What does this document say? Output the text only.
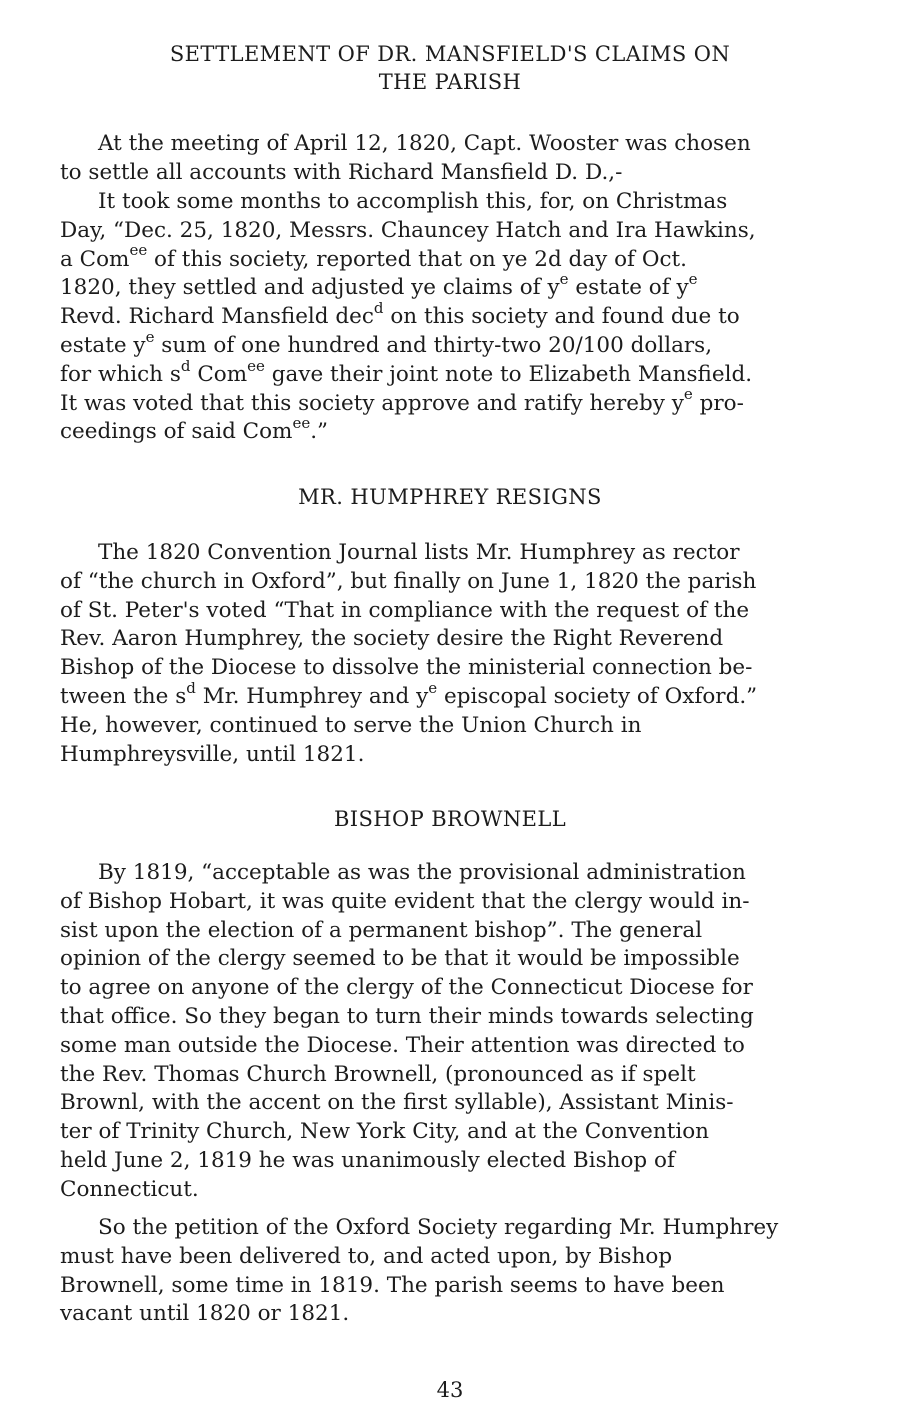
SETTLEMENT OF DR. MANSFIELD'S CLAIMS ON
THE PARISH

At the meeting of April 12, 1820, Capt. Wooster was chosen
to settle all accounts with Richard Mansfield D. D.,-

It took some months to accomplish this, for, on Christmas
Day, “Dec. 25, 1820, Messrs. Chauncey Hatch and Ira Hawkins,
a Com$^{ee}$ of this society, reported that on ye 2d day of Oct.
1820, they settled and adjusted ye claims of $y^e$ estate of $y^e$
Revd. Richard Mansfield dec$^d$ on this society and found due to
estate $y^e$ sum of one hundred and thirty-two 20/100 dollars,
for which $s^d$ Com$^{ee}$ gave their joint note to Elizabeth Mansfield.
It was voted that this society approve and ratify hereby $y^e$ pro-
ceedings of said Com$^{ee}$.”

MR. HUMPHREY RESIGNS

The 1820 Convention Journal lists Mr. Humphrey as rector
of “the church in Oxford”, but finally on June 1, 1820 the parish
of St. Peter's voted “That in compliance with the request of the
Rev. Aaron Humphrey, the society desire the Right Reverend
Bishop of the Diocese to dissolve the ministerial connection be-
tween the $s^d$ Mr. Humphrey and $y^e$ episcopal society of Oxford.”
He, however, continued to serve the Union Church in
Humphreysville, until 1821.

BISHOP BROWNELL

By 1819, “acceptable as was the provisional administration
of Bishop Hobart, it was quite evident that the clergy would in-
sist upon the election of a permanent bishop”. The general
opinion of the clergy seemed to be that it would be impossible
to agree on anyone of the clergy of the Connecticut Diocese for
that office. So they began to turn their minds towards selecting
some man outside the Diocese. Their attention was directed to
the Rev. Thomas Church Brownell, (pronounced as if spelt
Brownl, with the accent on the first syllable), Assistant Minis-
ter of Trinity Church, New York City, and at the Convention
held June 2, 1819 he was unanimously elected Bishop of
Connecticut.

So the petition of the Oxford Society regarding Mr. Humphrey
must have been delivered to, and acted upon, by Bishop
Brownell, some time in 1819. The parish seems to have been
vacant until 1820 or 1821.

43
